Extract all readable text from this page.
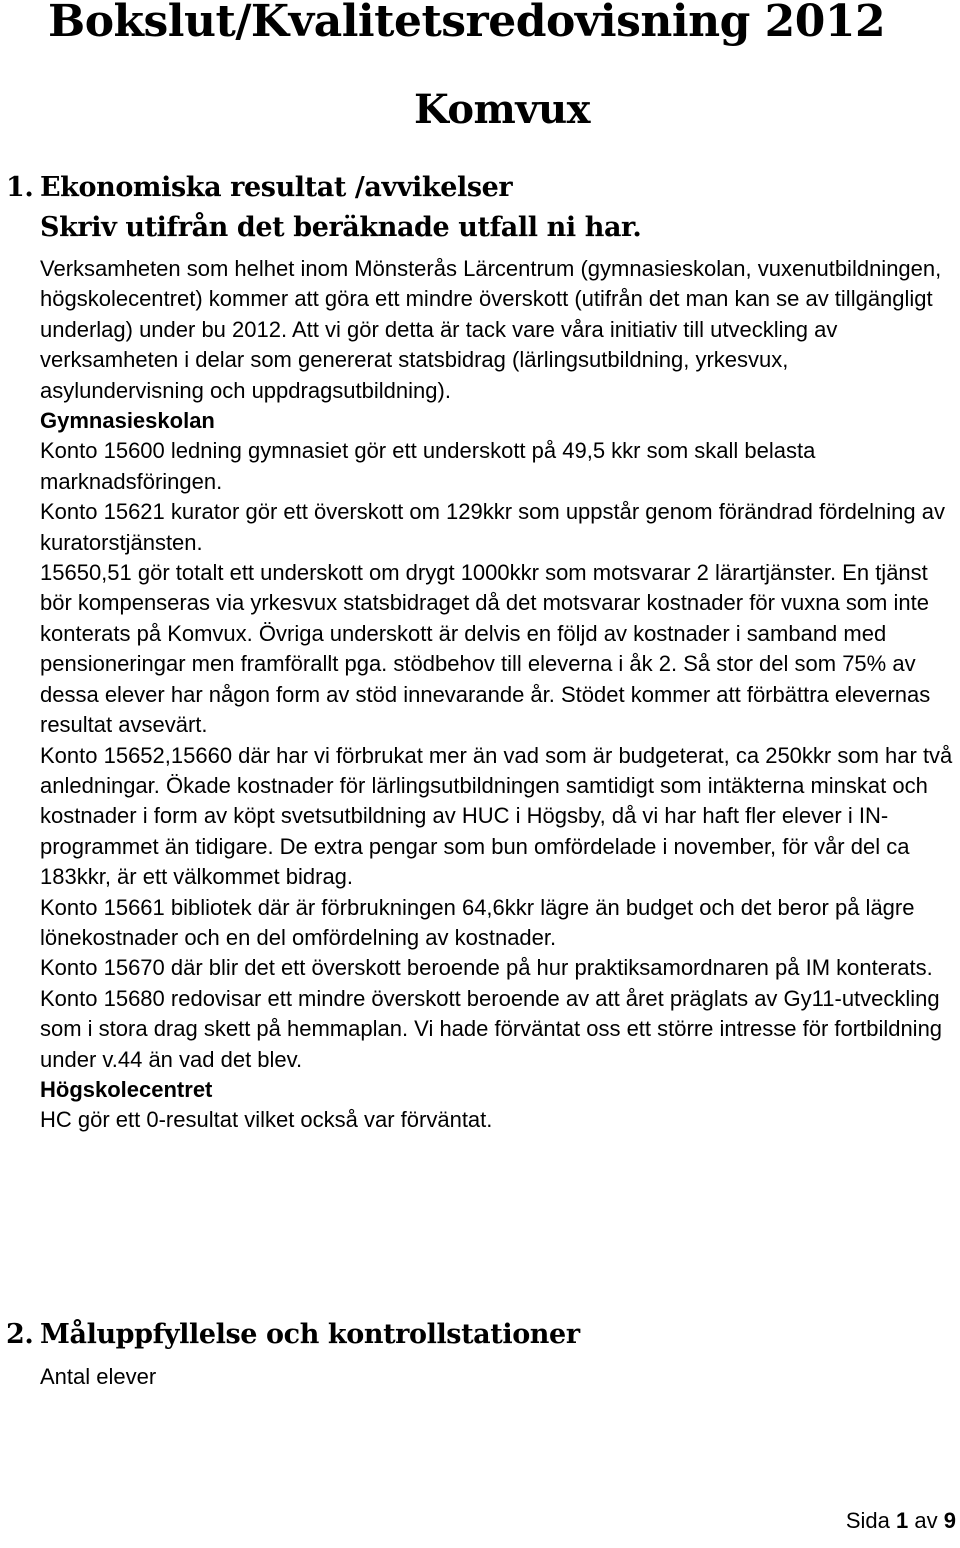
Bokslut/Kvalitetsredovisning 2012
Komvux
1. Ekonomiska resultat /avvikelser

Skriv utifrån det beräknade utfall ni har.

Verksamheten som helhet inom Mönsterås Lärcentrum (gymnasieskolan, vuxenutbildningen, högskolecentret) kommer att göra ett mindre överskott (utifrån det man kan se av tillgängligt underlag) under bu 2012. Att vi gör detta är tack vare våra initiativ till utveckling av verksamheten i delar som genererat statsbidrag (lärlingsutbildning, yrkesvux, asylundervisning och uppdragsutbildning).

Gymnasieskolan

Konto 15600 ledning gymnasiet gör ett underskott på 49,5 kkr som skall belasta marknadsföringen.

Konto 15621 kurator gör ett överskott om 129kkr som uppstår genom förändrad fördelning av kuratorstjänsten.

15650,51 gör totalt ett underskott om drygt 1000kkr som motsvarar 2 lärartjänster. En tjänst bör kompenseras via yrkesvux statsbidraget då det motsvarar kostnader för vuxna som inte konterats på Komvux. Övriga underskott är delvis en följd av kostnader i samband med pensioneringar men framförallt pga. stödbehov till eleverna i åk 2. Så stor del som 75% av dessa elever har någon form av stöd innevarande år. Stödet kommer att förbättra elevernas resultat avsevärt.

Konto 15652,15660 där har vi förbrukat mer än vad som är budgeterat, ca 250kkr som har två anledningar. Ökade kostnader för lärlingsutbildningen samtidigt som intäkterna minskat och kostnader i form av köpt svetsutbildning av HUC i Högsby, då vi har haft fler elever i IN-programmet än tidigare. De extra pengar som bun omfördelade i november, för vår del ca 183kkr, är ett välkommet bidrag.

Konto 15661 bibliotek där är förbrukningen 64,6kkr lägre än budget och det beror på lägre lönekostnader och en del omfördelning av kostnader.

Konto 15670 där blir det ett överskott beroende på hur praktiksamordnaren på IM konterats.

Konto 15680 redovisar ett mindre överskott beroende av att året präglats av Gy11-utveckling som i stora drag skett på hemmaplan. Vi hade förväntat oss ett större intresse för fortbildning under v.44 än vad det blev.

Högskolecentret

HC gör ett 0-resultat vilket också var förväntat.

2. Måluppfyllelse och kontrollstationer

Antal elever

Sida 1 av 9
